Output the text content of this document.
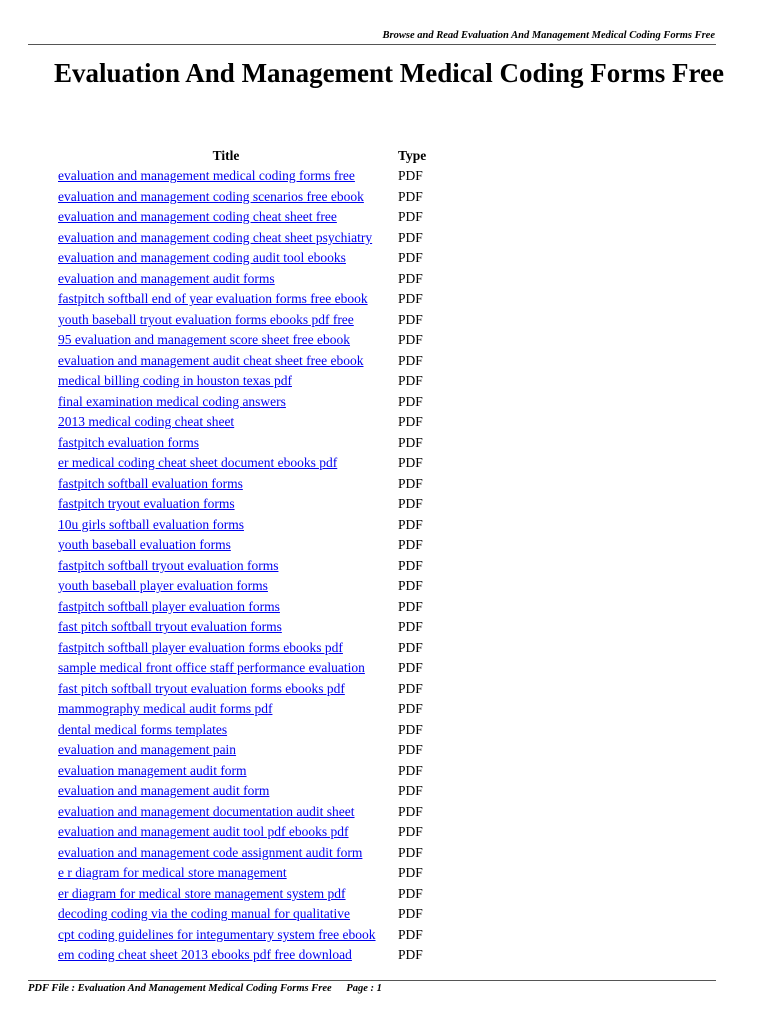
Browse and Read Evaluation And Management Medical Coding Forms Free
Evaluation And Management Medical Coding Forms Free
Title	Type
evaluation and management medical coding forms free	PDF
evaluation and management coding scenarios free ebook	PDF
evaluation and management coding cheat sheet free	PDF
evaluation and management coding cheat sheet psychiatry	PDF
evaluation and management coding audit tool ebooks	PDF
evaluation and management audit forms	PDF
fastpitch softball end of year evaluation forms free ebook	PDF
youth baseball tryout evaluation forms ebooks pdf free	PDF
95 evaluation and management score sheet free ebook	PDF
evaluation and management audit cheat sheet free ebook	PDF
medical billing coding in houston texas pdf	PDF
final examination medical coding answers	PDF
2013 medical coding cheat sheet	PDF
fastpitch evaluation forms	PDF
er medical coding cheat sheet document ebooks pdf	PDF
fastpitch softball evaluation forms	PDF
fastpitch tryout evaluation forms	PDF
10u girls softball evaluation forms	PDF
youth baseball evaluation forms	PDF
fastpitch softball tryout evaluation forms	PDF
youth baseball player evaluation forms	PDF
fastpitch softball player evaluation forms	PDF
fast pitch softball tryout evaluation forms	PDF
fastpitch softball player evaluation forms ebooks pdf	PDF
sample medical front office staff performance evaluation	PDF
fast pitch softball tryout evaluation forms ebooks pdf	PDF
mammography medical audit forms pdf	PDF
dental medical forms templates	PDF
evaluation and management pain	PDF
evaluation management audit form	PDF
evaluation and management audit form	PDF
evaluation and management documentation audit sheet	PDF
evaluation and management audit tool pdf ebooks pdf	PDF
evaluation and management code assignment audit form	PDF
e r diagram for medical store management	PDF
er diagram for medical store management system pdf	PDF
decoding coding via the coding manual for qualitative	PDF
cpt coding guidelines for integumentary system free ebook	PDF
em coding cheat sheet 2013 ebooks pdf free download	PDF
PDF File : Evaluation And Management Medical Coding Forms Free Page : 1
